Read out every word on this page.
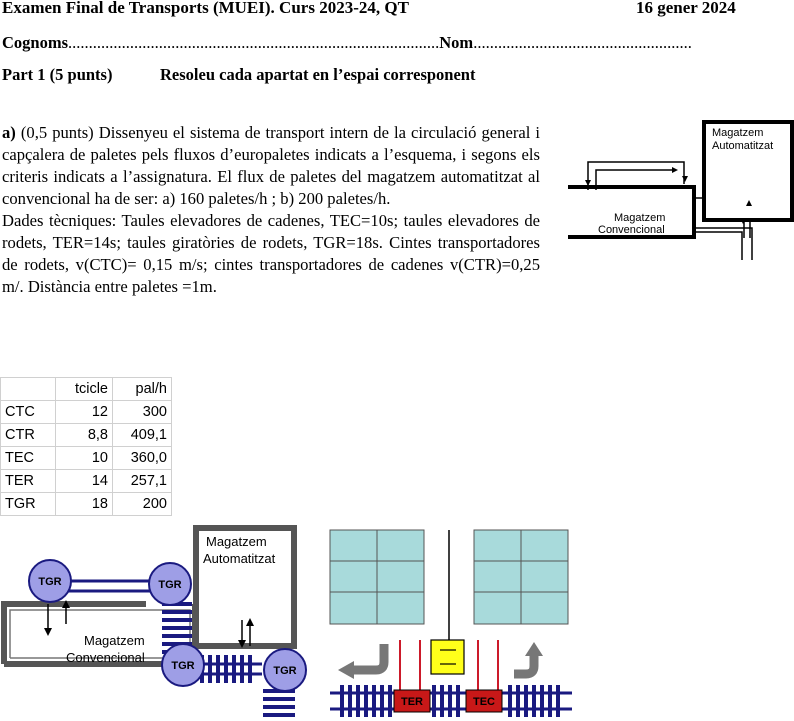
Examen Final de Transports (MUEI). Curs 2023-24, QT	16 gener 2024
Cognoms..........................................................................................Nom.....................................................
Part 1 (5 punts)	Resoleu cada apartat en l’espai corresponent
a) (0,5 punts) Dissenyeu el sistema de transport intern de la circulació general i capçalera de paletes pels fluxos d’europaletes indicats a l’esquema, i segons els criteris indicats a l’assignatura. El flux de paletes del magatzem automatitzat al convencional ha de ser: a) 160 paletes/h ; b) 200 paletes/h.
Dades tècniques: Taules elevadores de cadenes, TEC=10s; taules elevadores de rodets, TER=14s; taules giratòries de rodets, TGR=18s. Cintes transportadores de rodets, v(CTC)= 0,15 m/s; cintes transportadores de cadenes v(CTR)=0,25 m/. Distància entre paletes =1m.
Magatzem
Automatitzat
Magatzem
Convencional
	tcicle	pal/h
CTC	12	300
CTR	8,8	409,1
TEC	10	360,0
TER	14	257,1
TGR	18	200
TGR	TGR
TGR	TGR
Magatzem
Automatitzat
Magatzem
Convencional
TER	TEC
